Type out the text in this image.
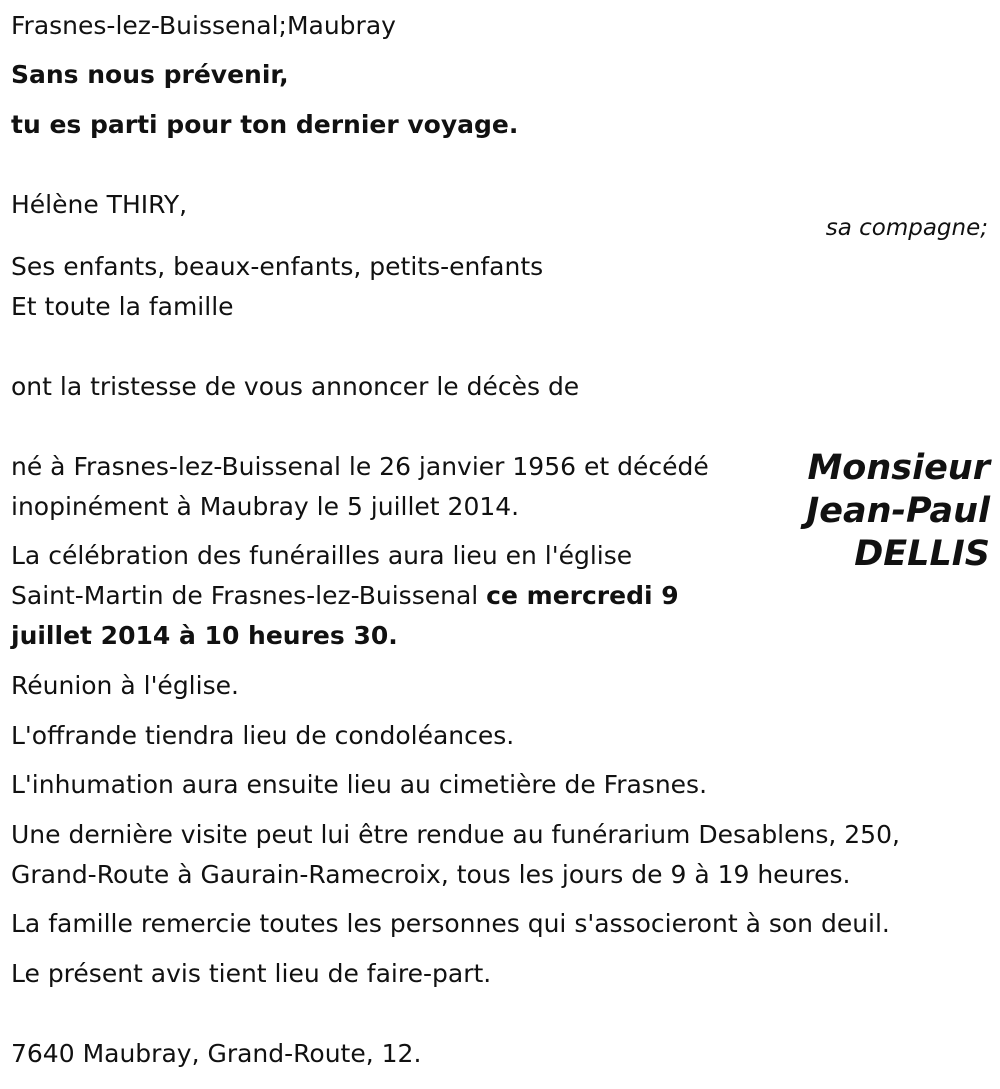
Frasnes-lez-Buissenal;Maubray
Sans nous prévenir,
tu es parti pour ton dernier voyage.
Hélène THIRY,
sa compagne;
Ses enfants, beaux-enfants, petits-enfants
Et toute la famille
ont la tristesse de vous annoncer le décès de
Monsieur
Jean-Paul
DELLIS
né à Frasnes-lez-Buissenal le 26 janvier 1956 et décédé
inopinément à Maubray le 5 juillet 2014.
La célébration des funérailles aura lieu en l'église
Saint-Martin de Frasnes-lez-Buissenal ce mercredi 9
juillet 2014 à 10 heures 30.
Réunion à l'église.
L'offrande tiendra lieu de condoléances.
L'inhumation aura ensuite lieu au cimetière de Frasnes.
Une dernière visite peut lui être rendue au funérarium Desablens, 250,
Grand-Route à Gaurain-Ramecroix, tous les jours de 9 à 19 heures.
La famille remercie toutes les personnes qui s'associeront à son deuil.
Le présent avis tient lieu de faire-part.
7640 Maubray, Grand-Route, 12.
